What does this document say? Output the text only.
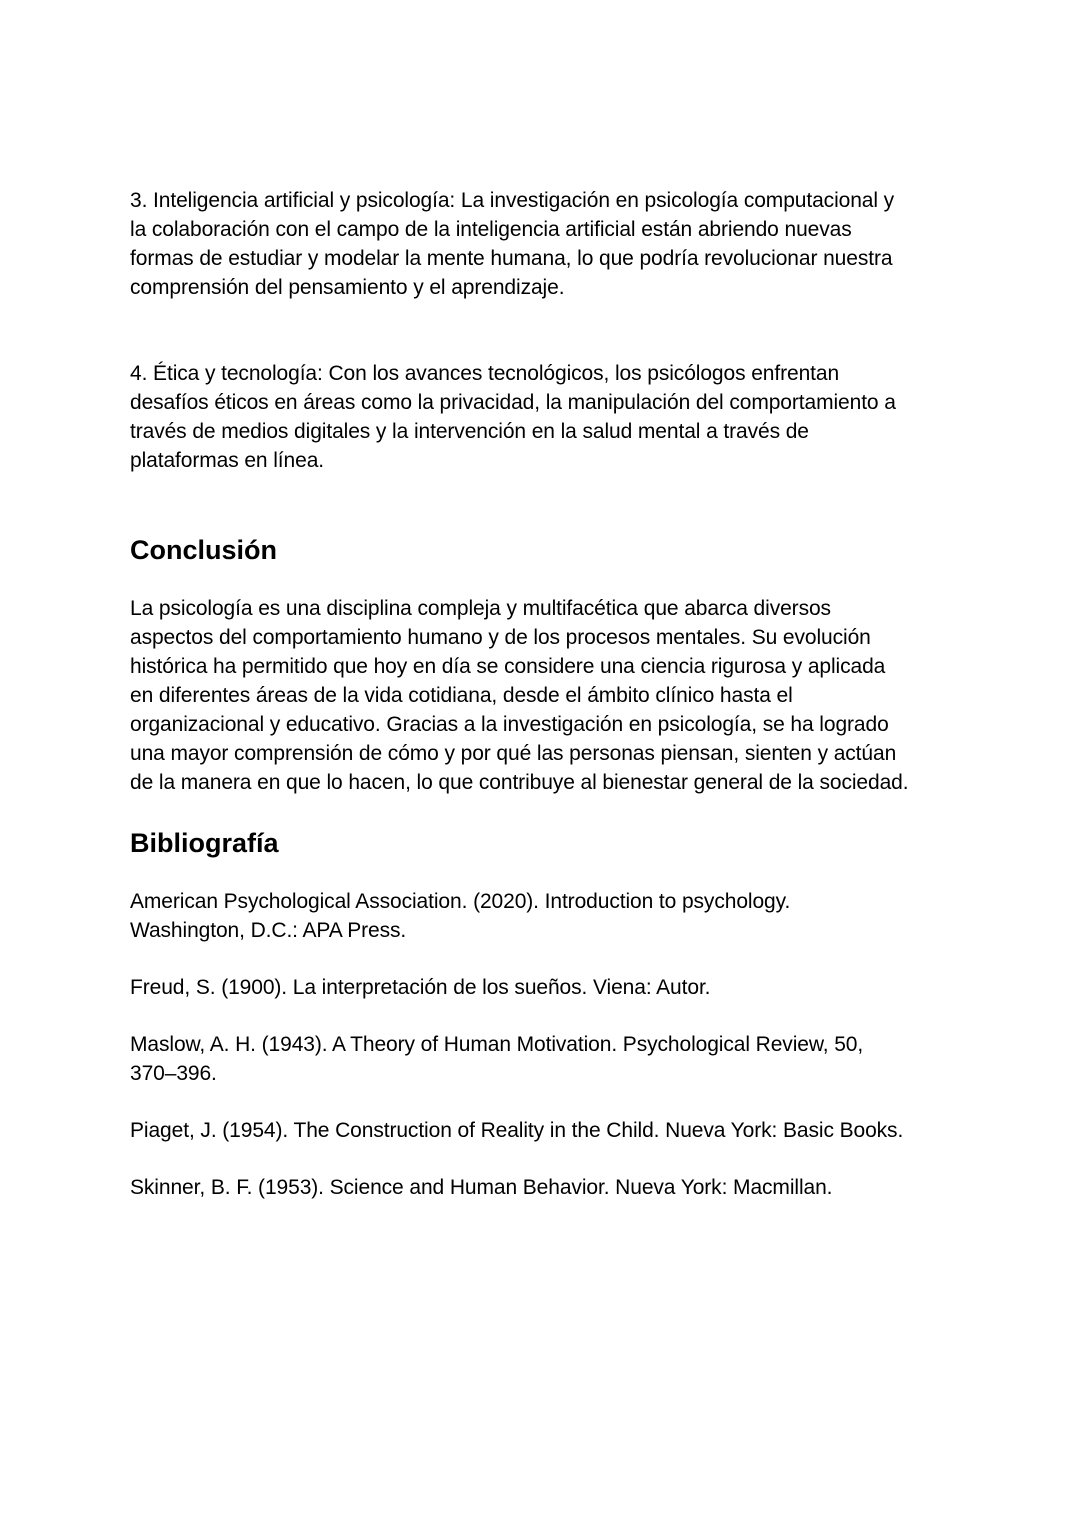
3. Inteligencia artificial y psicología: La investigación en psicología computacional y
la colaboración con el campo de la inteligencia artificial están abriendo nuevas
formas de estudiar y modelar la mente humana, lo que podría revolucionar nuestra
comprensión del pensamiento y el aprendizaje.

4. Ética y tecnología: Con los avances tecnológicos, los psicólogos enfrentan
desafíos éticos en áreas como la privacidad, la manipulación del comportamiento a
través de medios digitales y la intervención en la salud mental a través de
plataformas en línea.

Conclusión

La psicología es una disciplina compleja y multifacética que abarca diversos
aspectos del comportamiento humano y de los procesos mentales. Su evolución
histórica ha permitido que hoy en día se considere una ciencia rigurosa y aplicada
en diferentes áreas de la vida cotidiana, desde el ámbito clínico hasta el
organizacional y educativo. Gracias a la investigación en psicología, se ha logrado
una mayor comprensión de cómo y por qué las personas piensan, sienten y actúan
de la manera en que lo hacen, lo que contribuye al bienestar general de la sociedad.

Bibliografía

American Psychological Association. (2020). Introduction to psychology.
Washington, D.C.: APA Press.

Freud, S. (1900). La interpretación de los sueños. Viena: Autor.

Maslow, A. H. (1943). A Theory of Human Motivation. Psychological Review, 50,
370–396.

Piaget, J. (1954). The Construction of Reality in the Child. Nueva York: Basic Books.

Skinner, B. F. (1953). Science and Human Behavior. Nueva York: Macmillan.
